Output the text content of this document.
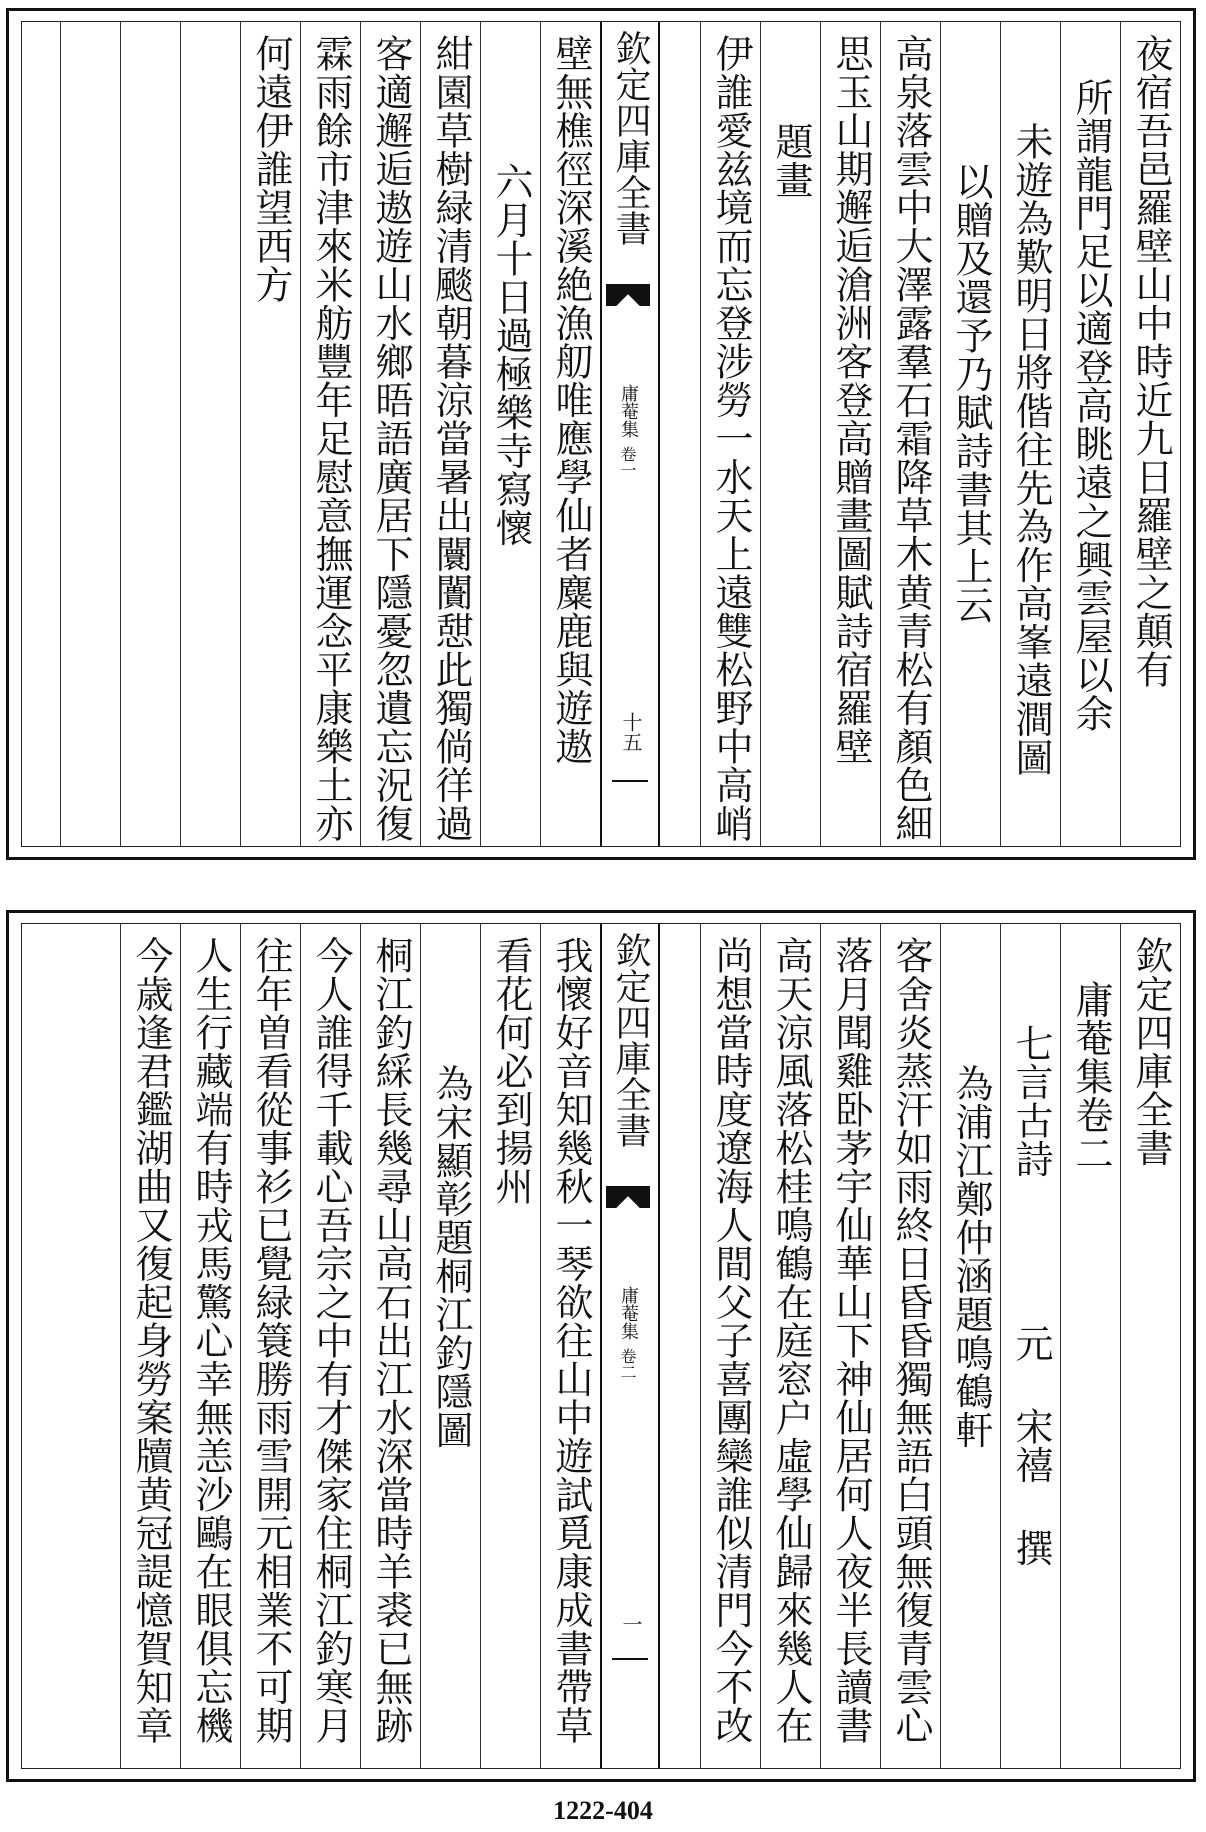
夜宿吾邑羅壁山中時近九日羅壁之顛有
所謂龍門足以適登高眺遠之興雲屋以余
未遊為歎明日將偕往先為作高峯遠澗圖
以贈及還予乃賦詩書其上云
高泉落雲中大澤露羣石霜降草木黄青松有顏色細
思玉山期邂逅滄洲客登高贈畫圖賦詩宿羅壁
題畫
伊誰愛兹境而忘登涉勞一水天上遠雙松野中高峭
欽定四庫全書
庸菴集
卷一
十五
壁無樵徑深溪絶漁舠唯應學仙者麋鹿與遊遨
六月十日過極樂寺寫懷
紺園草樹緑清颷朝暮涼當暑出闤闠憇此獨倘徉過
客適邂逅遨遊山水鄉晤語廣居下隱憂忽遺忘況復
霖雨餘市津來米舫豐年足慰意撫運念平康樂土亦
何遠伊誰望西方
欽定四庫全書
庸菴集卷二
七言古詩
元 宋禧 撰
為浦江鄭仲涵題鳴鶴軒
客舍炎蒸汗如雨終日昏昏獨無語白頭無復青雲心
落月聞雞卧茅宇仙華山下神仙居何人夜半長讀書
高天涼風落松桂鳴鶴在庭窓户虛學仙歸來幾人在
尚想當時度遼海人間父子喜團欒誰似清門今不改
欽定四庫全書
庸菴集
卷二
一
我懷好音知幾秋一琴欲往山中遊試覓康成書帶草
看花何必到揚州
為宋顯彰題桐江釣隱圖
桐江釣綵長幾尋山高石出江水深當時羊裘已無跡
今人誰得千載心吾宗之中有才傑家住桐江釣寒月
往年曽看從事衫已覺緑簑勝雨雪開元相業不可期
人生行藏端有時戎馬驚心幸無恙沙鷗在眼俱忘機
今歳逢君鑑湖曲又復起身勞案牘黄冠諟憶賀知章
1222-404
